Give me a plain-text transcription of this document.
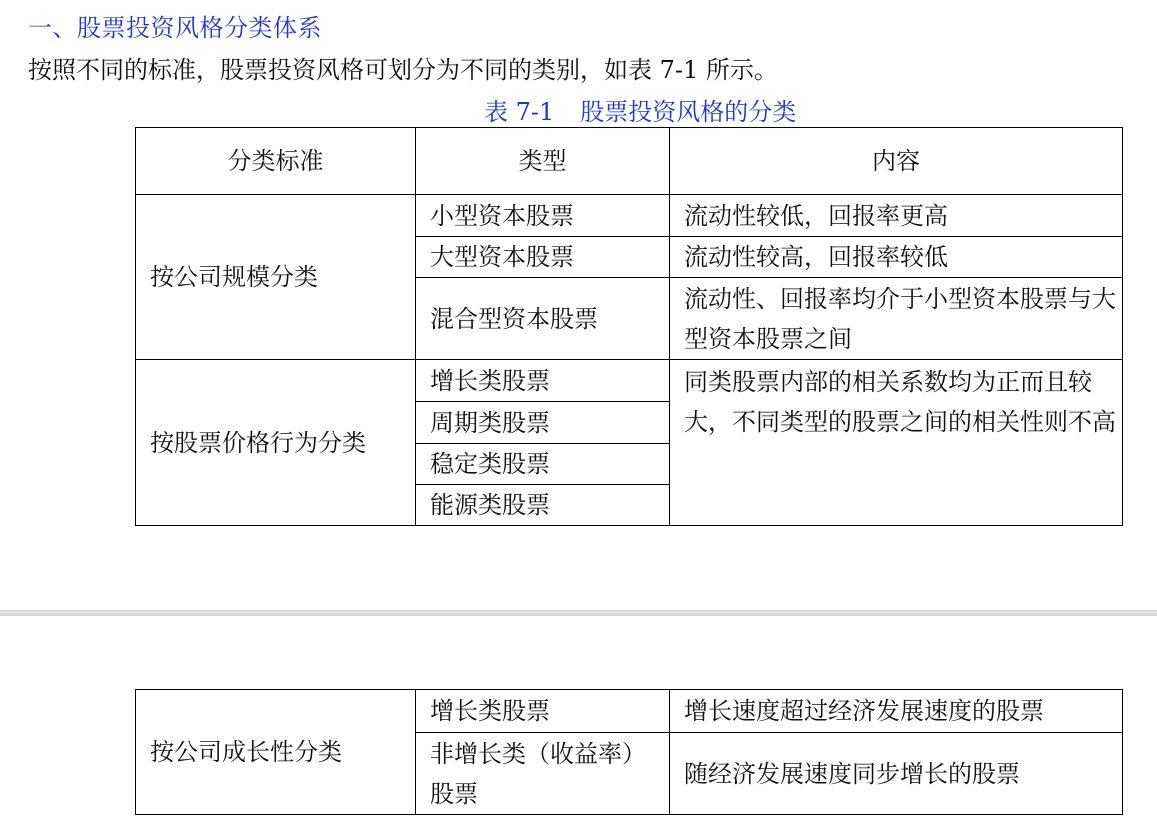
一、股票投资风格分类体系
按照不同的标准，股票投资风格可划分为不同的类别，如表 7-1 所示。
表 7-1 股票投资风格的分类
分类标准	类型	内容
按公司规模分类	小型资本股票	流动性较低，回报率更高
	大型资本股票	流动性较高，回报率较低
	混合型资本股票	流动性、回报率均介于小型资本股票与大型资本股票之间
按股票价格行为分类	增长类股票	同类股票内部的相关系数均为正而且较大，不同类型的股票之间的相关性则不高
	周期类股票	
	稳定类股票	
	能源类股票	
按公司成长性分类	增长类股票	增长速度超过经济发展速度的股票
	非增长类（收益率）股票	随经济发展速度同步增长的股票
